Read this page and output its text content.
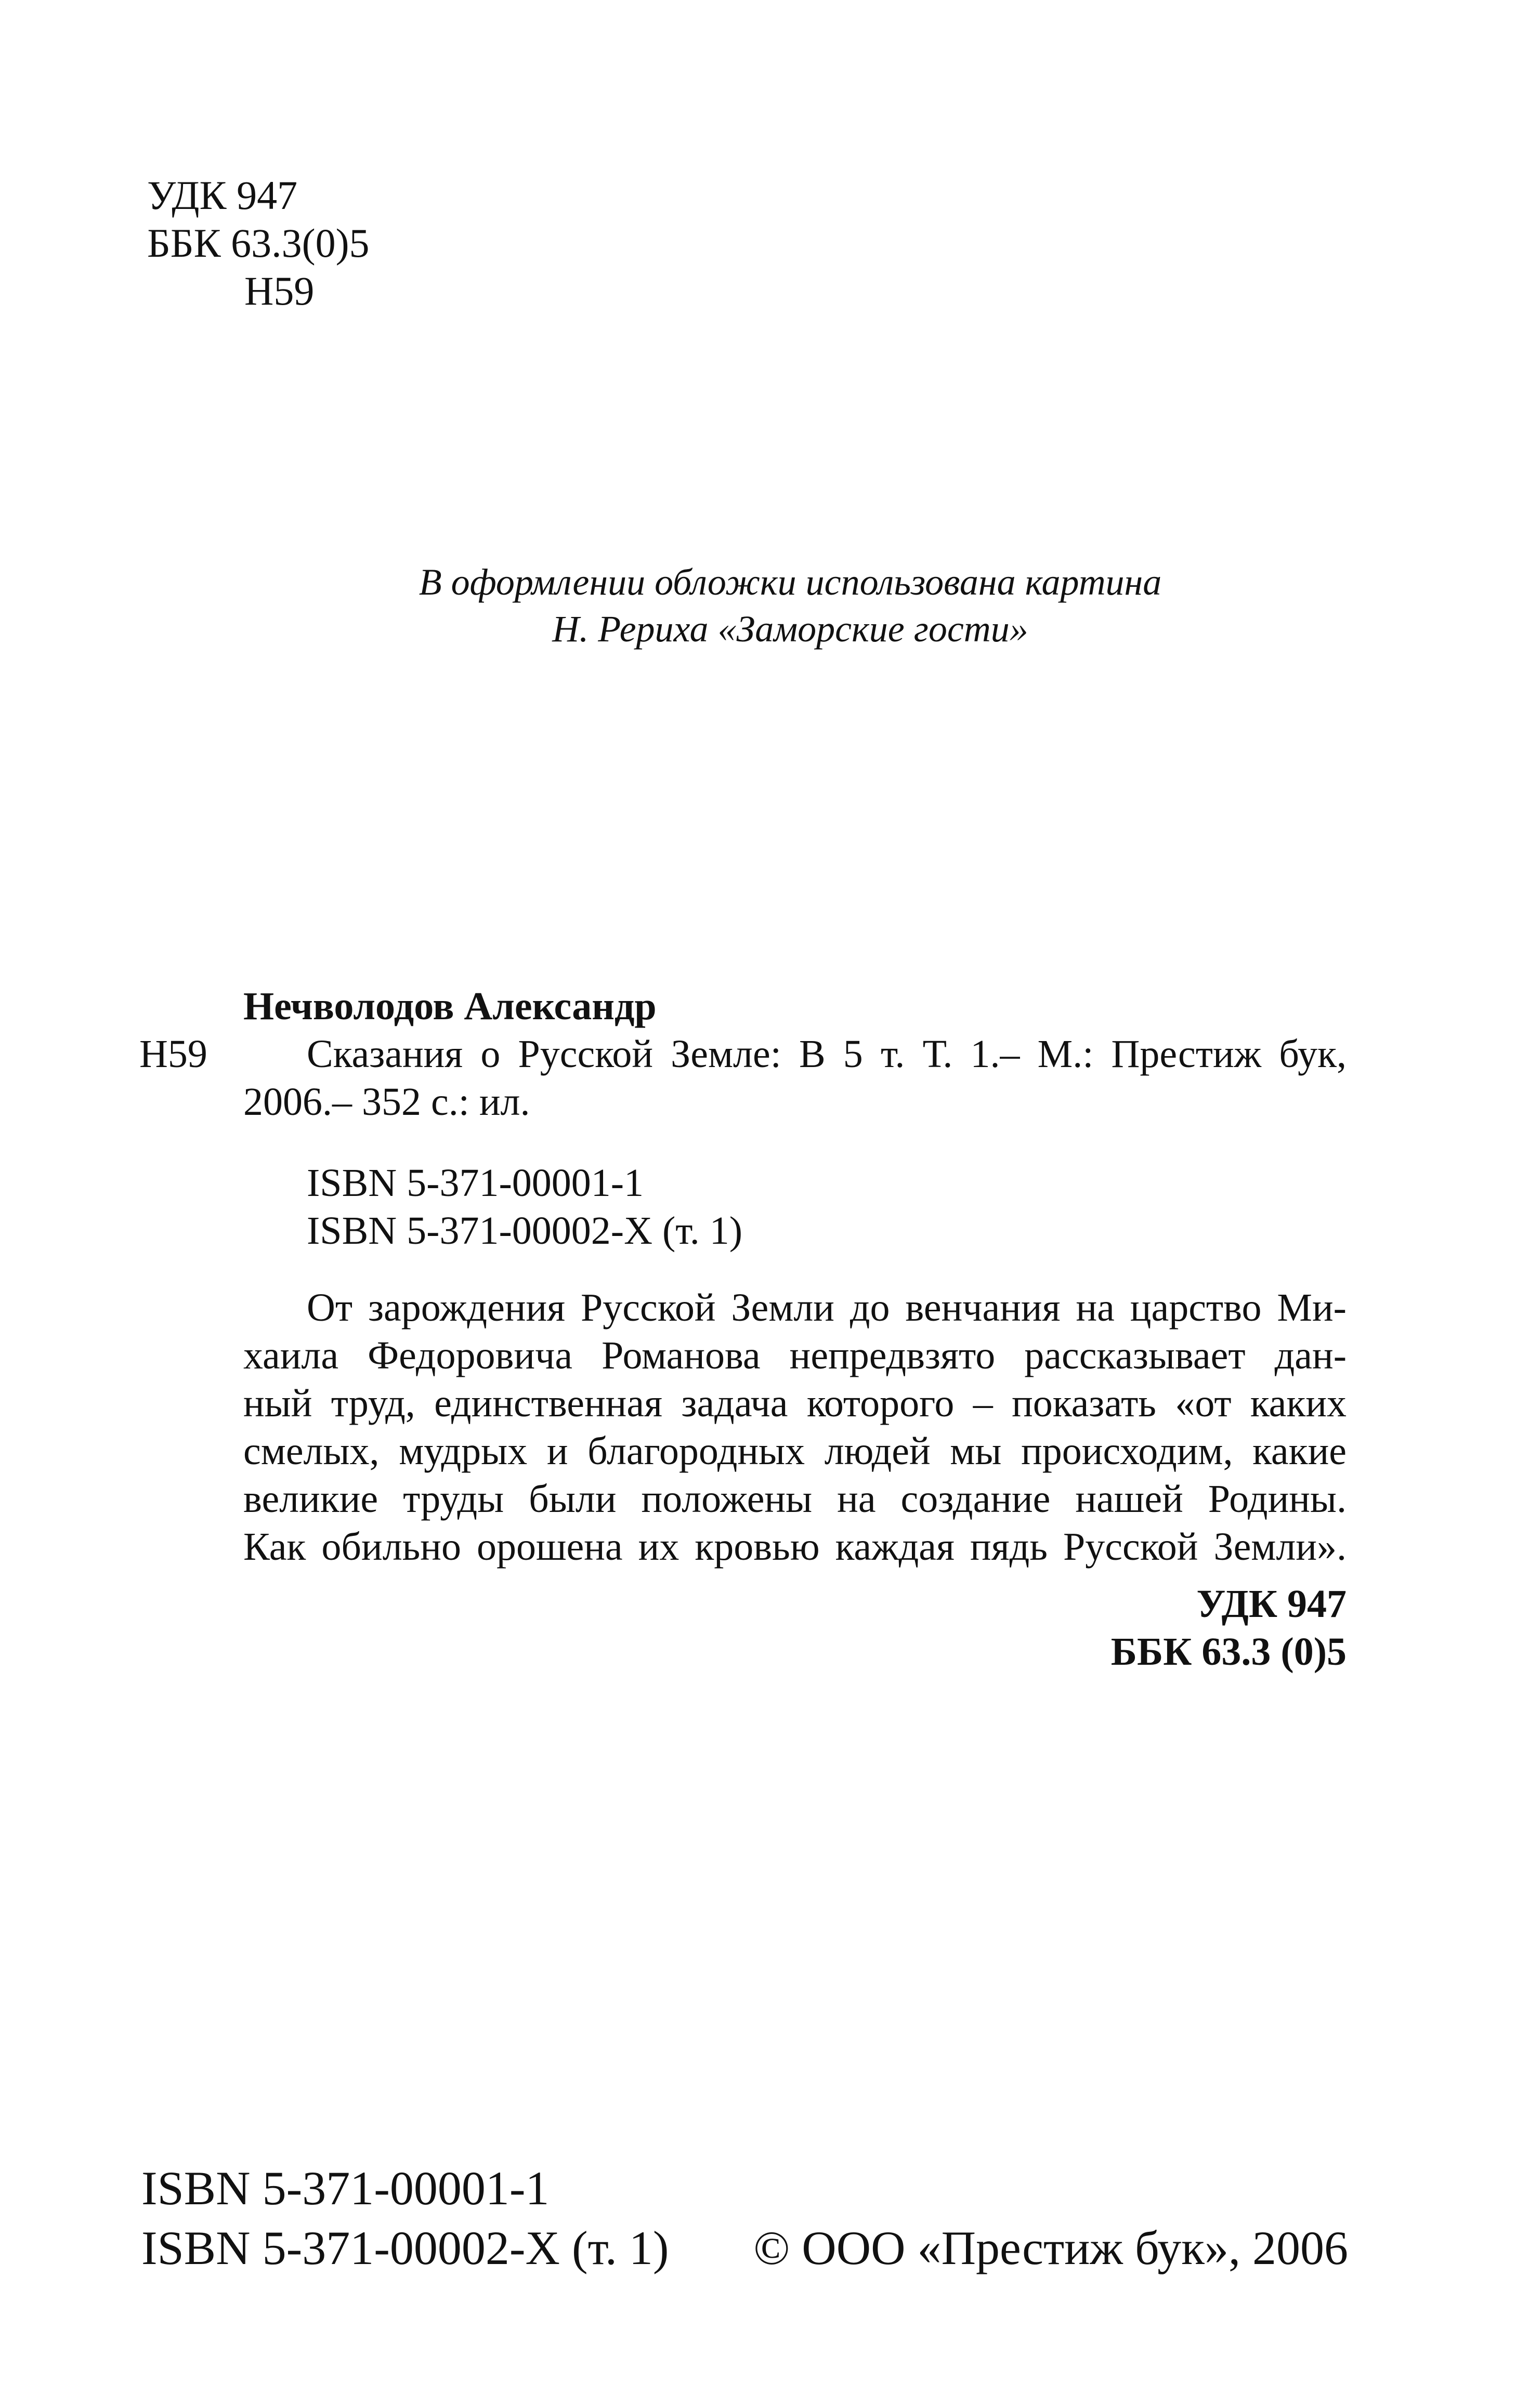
УДК 947

ББК 63.3(0)5

Н59

В оформлении обложки использована картина

Н. Рериха «Заморские гости»

Нечволодов Александр

Н59	Сказания о Русской Земле: В 5 т. Т. 1.– М.: Престиж бук,

2006.– 352 с.: ил.

ISBN 5-371-00001-1

ISBN 5-371-00002-X (т. 1)

От зарождения Русской Земли до венчания на царство Ми-
хаила Федоровича Романова непредвзято рассказывает дан-
ный труд, единственная задача которого – показать «от каких
смелых, мудрых и благородных людей мы происходим, какие
великие труды были положены на создание нашей Родины.
Как обильно орошена их кровью каждая пядь Русской Земли».

УДК 947

ББК 63.3 (0)5

ISBN 5-371-00001-1

ISBN 5-371-00002-X (т. 1) © ООО «Престиж бук», 2006
